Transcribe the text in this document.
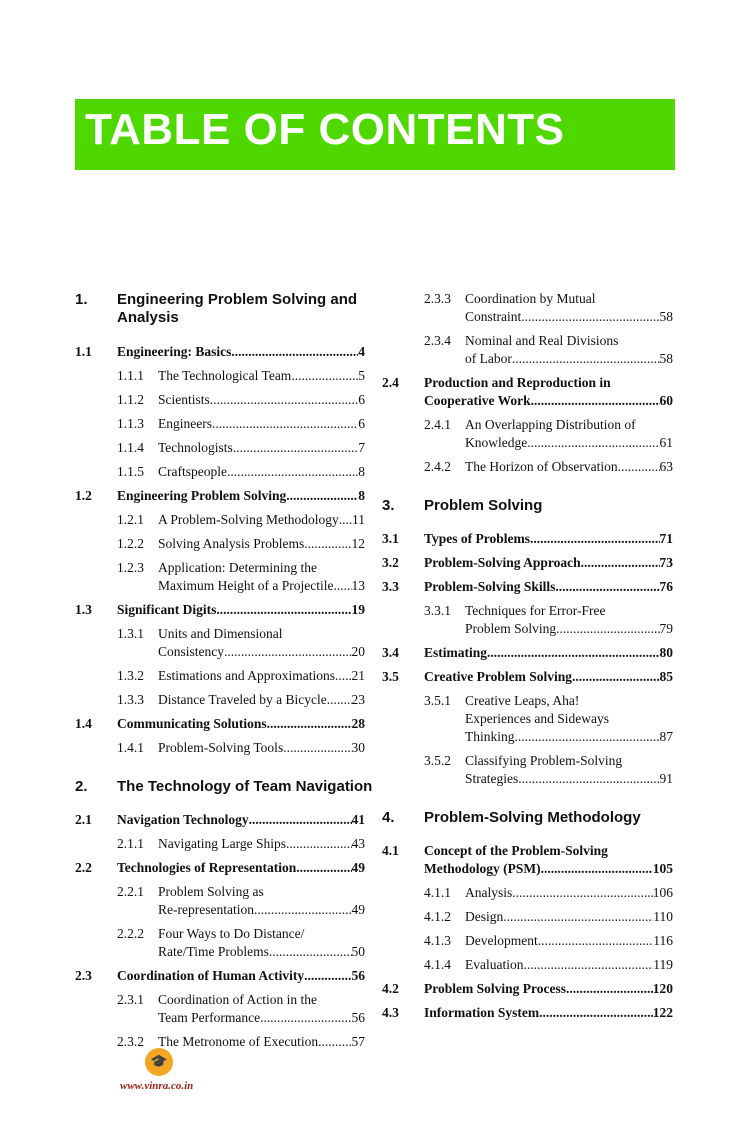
TABLE OF CONTENTS
1. Engineering Problem Solving and
Analysis
1.1 Engineering: Basics .....	4
1.1.1 The Technological Team .....	5
1.1.2 Scientists .....	6
1.1.3 Engineers .....	6
1.1.4 Technologists .....	7
1.1.5 Craftspeople .....	8
1.2 Engineering Problem Solving .....	8
1.2.1 A Problem-Solving Methodology ..... 11
1.2.2 Solving Analysis Problems .....	12
1.2.3 Application: Determining the
Maximum Height of a Projectile ..... 13
1.3 Significant Digits .....	19
1.3.1 Units and Dimensional
Consistency .....	20
1.3.2 Estimations and Approximations ..... 21
1.3.3 Distance Traveled by a Bicycle ..... 23
1.4 Communicating Solutions .....	28
1.4.1 Problem-Solving Tools .....	30
2. The Technology of Team Navigation
2.1 Navigation Technology .....	41
2.1.1 Navigating Large Ships .....	43
2.2 Technologies of Representation .....	49
2.2.1 Problem Solving as
Re-representation .....	49
2.2.2 Four Ways to Do Distance/
Rate/Time Problems .....	50
2.3 Coordination of Human Activity .....	56
2.3.1 Coordination of Action in the
Team Performance .....	56
2.3.2 The Metronome of Execution ..... 57
2.3.3 Coordination by Mutual
Constraint .....	58
2.3.4 Nominal and Real Divisions
of Labor .....	58
2.4 Production and Reproduction in
Cooperative Work .....	60
2.4.1 An Overlapping Distribution of
Knowledge .....	61
2.4.2 The Horizon of Observation .....	63
3. Problem Solving
3.1 Types of Problems .....	71
3.2 Problem-Solving Approach .....	73
3.3 Problem-Solving Skills .....	76
3.3.1 Techniques for Error-Free
Problem Solving .....	79
3.4 Estimating .....	80
3.5 Creative Problem Solving .....	85
3.5.1 Creative Leaps, Aha!
Experiences and Sideways
Thinking .....	87
3.5.2 Classifying Problem-Solving
Strategies .....	91
4. Problem-Solving Methodology
4.1 Concept of the Problem-Solving
Methodology (PSM) .....	105
4.1.1 Analysis .....	106
4.1.2 Design .....	110
4.1.3 Development .....	116
4.1.4 Evaluation .....	119
4.2 Problem Solving Process .....	120
4.3 Information System .....	122
🎓
www.vinra.co.in
